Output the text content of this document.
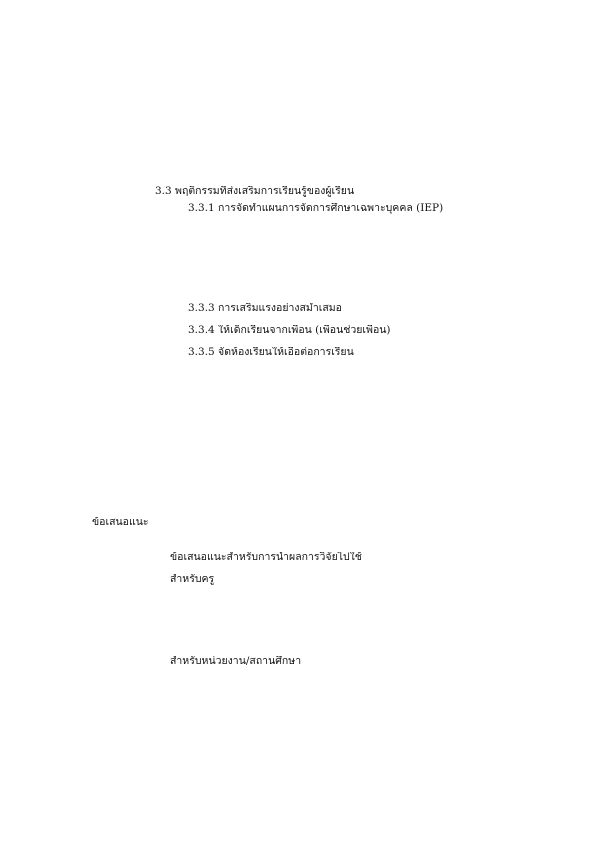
3.3 พฤติกรรมที่ส่งเสริมการเรียนรู้ของผู้เรียน
3.3.1 การจัดทำแผนการจัดการศึกษาเฉพาะบุคคล (IEP)
3.3.3 การเสริมแรงอย่างสม่ำเสมอ
3.3.4 ให้เด็กเรียนจากเพื่อน (เพื่อนช่วยเพื่อน)
3.3.5 จัดห้องเรียนให้เอื้อต่อการเรียน
ข้อเสนอแนะ
ข้อเสนอแนะสำหรับการนำผลการวิจัยไปใช้
สำหรับครู
สำหรับหน่วยงาน/สถานศึกษา
